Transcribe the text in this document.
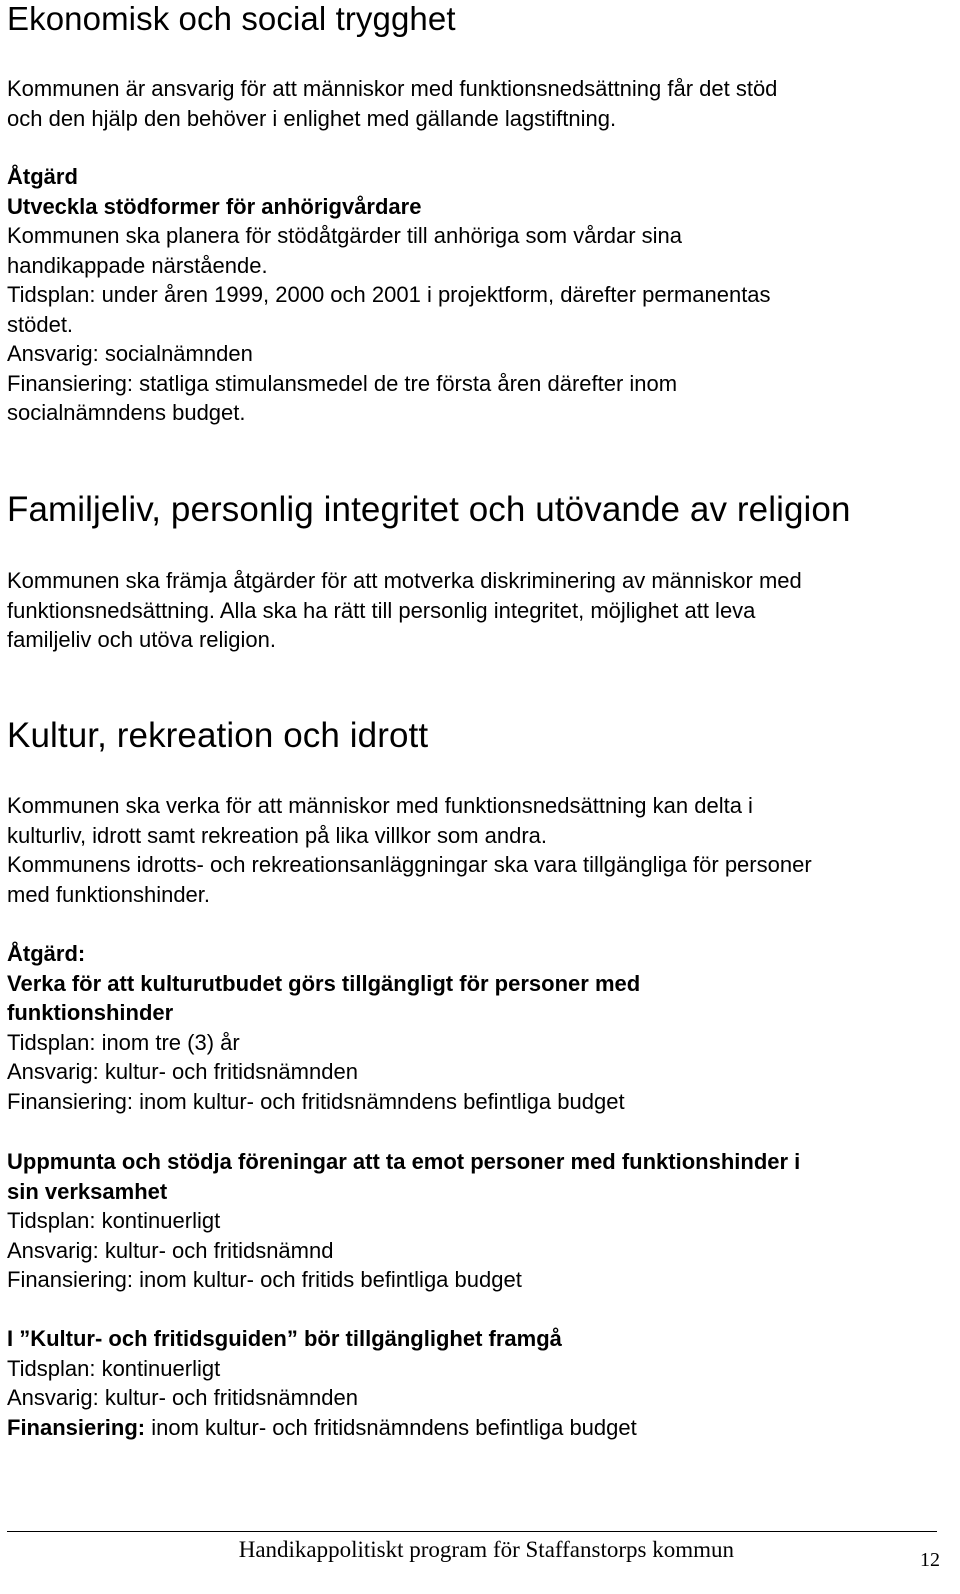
Ekonomisk och social trygghet
Kommunen är ansvarig för att människor med funktionsnedsättning får det stöd
och den hjälp den behöver i enlighet med gällande lagstiftning.
Åtgärd
Utveckla stödformer för anhörigvårdare
Kommunen ska planera för stödåtgärder till anhöriga som vårdar sina
handikappade närstående.
Tidsplan: under åren 1999, 2000 och 2001 i projektform, därefter permanentas
stödet.
Ansvarig: socialnämnden
Finansiering: statliga stimulansmedel de tre första åren därefter inom
socialnämndens budget.
Familjeliv, personlig integritet och utövande av religion
Kommunen ska främja åtgärder för att motverka diskriminering av människor med
funktionsnedsättning. Alla ska ha rätt till personlig integritet, möjlighet att leva
familjeliv och utöva religion.
Kultur, rekreation och idrott
Kommunen ska verka för att människor med funktionsnedsättning kan delta i
kulturliv, idrott samt rekreation på lika villkor som andra.
Kommunens idrotts- och rekreationsanläggningar ska vara tillgängliga för personer
med funktionshinder.
Åtgärd:
Verka för att kulturutbudet görs tillgängligt för personer med
funktionshinder
Tidsplan: inom tre (3) år
Ansvarig: kultur- och fritidsnämnden
Finansiering: inom kultur- och fritidsnämndens befintliga budget
Uppmunta och stödja föreningar att ta emot personer med funktionshinder i
sin verksamhet
Tidsplan: kontinuerligt
Ansvarig: kultur- och fritidsnämnd
Finansiering: inom kultur- och fritids befintliga budget
I ”Kultur- och fritidsguiden” bör tillgänglighet framgå
Tidsplan: kontinuerligt
Ansvarig: kultur- och fritidsnämnden
Finansiering: inom kultur- och fritidsnämndens befintliga budget
Handikappolitiskt program för Staffanstorps kommun	12
